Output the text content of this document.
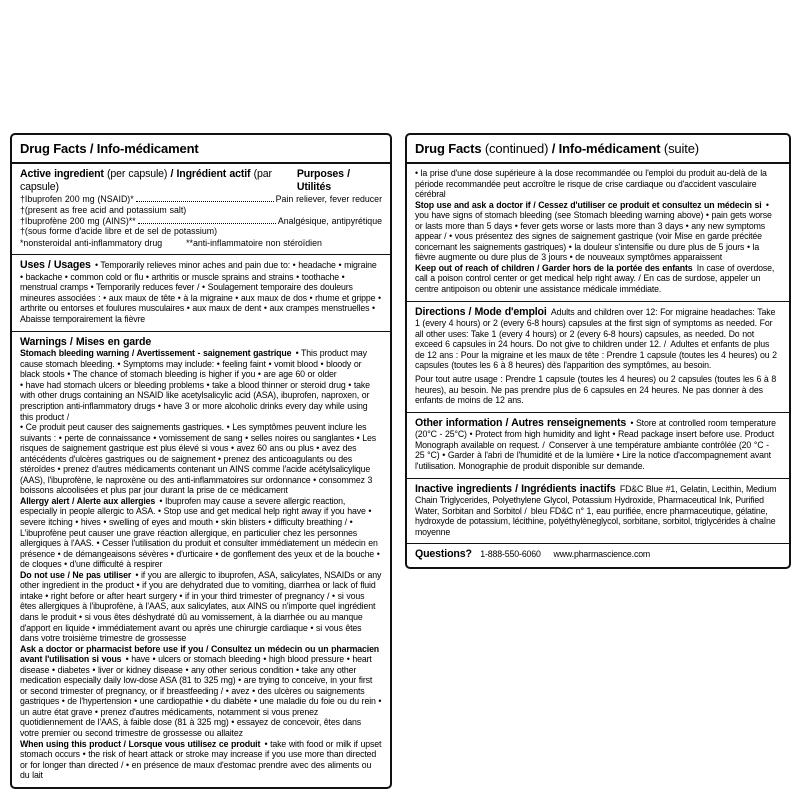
Drug Facts / Info-médicament
Active ingredient (per capsule) / Ingrédient actif (par capsule)
Purposes / Utilités
†Ibuprofen 200 mg (NSAID)*	Pain reliever, fever reducer
†(present as free acid and potassium salt)
†Ibuprofène 200 mg (AINS)**	Analgésique, antipyrétique
†(sous forme d'acide libre et de sel de potassium)
*nonsteroidal anti-inflammatory drug	**anti-inflammatoire non stéroïdien

Uses / Usages • Temporarily relieves minor aches and pain due to: • headache • migraine • backache • common cold or flu • arthritis or muscle sprains and strains • toothache • menstrual cramps • Temporarily reduces fever / • Soulagement temporaire des douleurs mineures associées : • aux maux de tête • à la migraine • aux maux de dos • rhume et grippe • arthrite ou entorses et foulures musculaires • aux maux de dent • aux crampes menstruelles • Abaisse temporairement la fièvre

Warnings / Mises en garde

Stomach bleeding warning / Avertissement - saignement gastrique • This product may cause stomach bleeding. • Symptoms may include: • feeling faint • vomit blood • bloody or black stools • The chance of stomach bleeding is higher if you • are age 60 or older

• have had stomach ulcers or bleeding problems • take a blood thinner or steroid drug • take with other drugs containing an NSAID like acetylsalicylic acid (ASA), ibuprofen, naproxen, or prescription anti-inflammatory drugs • have 3 or more alcoholic drinks every day while using this product /

• Ce produit peut causer des saignements gastriques. • Les symptômes peuvent inclure les suivants : • perte de connaissance • vomissement de sang • selles noires ou sanglantes • Les risques de saignement gastrique est plus élevé si vous • avez 60 ans ou plus • avez des antécédents d'ulcères gastriques ou de saignement • prenez des anticoagulants ou des stéroïdes • prenez d'autres médicaments contenant un AINS comme l'acide acétylsalicylique (AAS), l'ibuprofène, le naproxène ou des anti-inflammatoires sur ordonnance • consommez 3 boissons alcoolisées et plus par jour durant la prise de ce médicament

Allergy alert / Alerte aux allergies • Ibuprofen may cause a severe allergic reaction, especially in people allergic to ASA. • Stop use and get medical help right away if you have • severe itching • hives • swelling of eyes and mouth • skin blisters • difficulty breathing / • L'ibuprofène peut causer une grave réaction allergique, en particulier chez les personnes allergiques à l'AAS. • Cesser l'utilisation du produit et consulter immédiatement un médecin en présence • de démangeaisons sévères • d'urticaire • de gonflement des yeux et de la bouche • de cloques • d'une difficulté à respirer

Do not use / Ne pas utiliser • if you are allergic to ibuprofen, ASA, salicylates, NSAIDs or any other ingredient in the product • if you are dehydrated due to vomiting, diarrhea or lack of fluid intake • right before or after heart surgery • if in your third trimester of pregnancy / • si vous êtes allergiques à l'ibuprofène, à l'AAS, aux salicylates, aux AINS ou n'importe quel ingrédient dans le produit • si vous êtes déshydraté dû au vomissement, à la diarrhée ou au manque d'apport en liquide • immédiatement avant ou après une chirurgie cardiaque • si vous êtes dans votre troisième trimestre de grossesse

Ask a doctor or pharmacist before use if you / Consultez un médecin ou un pharmacien avant l'utilisation si vous • have • ulcers or stomach bleeding • high blood pressure • heart disease • diabetes • liver or kidney disease • any other serious condition • take any other medication especially daily low-dose ASA (81 to 325 mg) • are trying to conceive, in your first or second trimester of pregnancy, or if breastfeeding / • avez • des ulcères ou saignements gastriques • de l'hypertension • une cardiopathie • du diabète • une maladie du foie ou du rein • un autre état grave • prenez d'autres médicaments, notamment si vous prenez quotidiennement de l'AAS, à faible dose (81 à 325 mg) • essayez de concevoir, êtes dans votre premier ou second trimestre de grossesse ou allaitez

When using this product / Lorsque vous utilisez ce produit • take with food or milk if upset stomach occurs • the risk of heart attack or stroke may increase if you use more than directed or for longer than directed / • en présence de maux d'estomac prendre avec des aliments ou du lait

Drug Facts (continued) / Info-médicament (suite)

• la prise d'une dose supérieure à la dose recommandée ou l'emploi du produit au-delà de la période recommandée peut accroître le risque de crise cardiaque ou d'accident vasculaire cérébral

Stop use and ask a doctor if / Cessez d'utiliser ce produit et consultez un médecin si • you have signs of stomach bleeding (see Stomach bleeding warning above) • pain gets worse or lasts more than 5 days • fever gets worse or lasts more than 3 days • any new symptoms appear / • vous présentez des signes de saignement gastrique (voir Mise en garde précitée concernant les saignements gastriques) • la douleur s'intensifie ou dure plus de 5 jours • la fièvre augmente ou dure plus de 3 jours • de nouveaux symptômes apparaissent

Keep out of reach of children / Garder hors de la portée des enfants In case of overdose, call a poison control center or get medical help right away. / En cas de surdose, appeler un centre antipoison ou obtenir une assistance médicale immédiate.

Directions / Mode d'emploi Adults and children over 12: For migraine headaches: Take 1 (every 4 hours) or 2 (every 6-8 hours) capsules at the first sign of symptoms as needed. For all other uses: Take 1 (every 4 hours) or 2 (every 6-8 hours) capsules, as needed. Do not exceed 6 capsules in 24 hours. Do not give to children under 12. / Adultes et enfants de plus de 12 ans : Pour la migraine et les maux de tête : Prendre 1 capsule (toutes les 4 heures) ou 2 capsules (toutes les 6 à 8 heures) dès l'apparition des symptômes, au besoin.

Pour tout autre usage : Prendre 1 capsule (toutes les 4 heures) ou 2 capsules (toutes les 6 à 8 heures), au besoin. Ne pas prendre plus de 6 capsules en 24 heures. Ne pas donner à des enfants de moins de 12 ans.

Other information / Autres renseignements • Store at controlled room temperature (20°C - 25°C) • Protect from high humidity and light • Read package insert before use. Product Monograph available on request. / Conserver à une température ambiante contrôlée (20 °C - 25 °C) • Garder à l'abri de l'humidité et de la lumière • Lire la notice d'accompagnement avant l'utilisation. Monographie de produit disponible sur demande.

Inactive ingredients / Ingrédients inactifs FD&C Blue #1, Gelatin, Lecithin, Medium Chain Triglycerides, Polyethylene Glycol, Potassium Hydroxide, Pharmaceutical Ink, Purified Water, Sorbitan and Sorbitol / bleu FD&C n° 1, eau purifiée, encre pharmaceutique, gélatine, hydroxyde de potassium, lécithine, polyéthylèneglycol, sorbitane, sorbitol, triglycérides à chaîne moyenne

Questions?  1-888-550-6060   www.pharmascience.com
